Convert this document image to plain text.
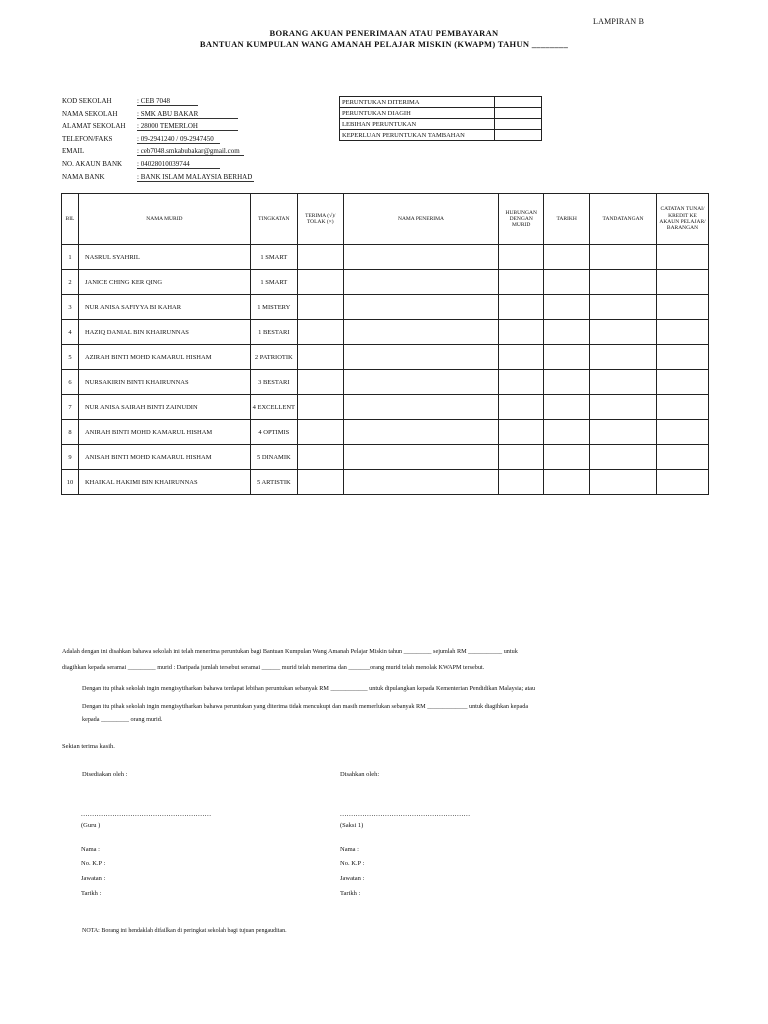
LAMPIRAN B
BORANG AKUAN PENERIMAAN ATAU PEMBAYARAN
BANTUAN KUMPULAN WANG AMANAH PELAJAR MISKIN (KWAPM) TAHUN ________
KOD SEKOLAH	: CEB 7048
NAMA SEKOLAH	: SMK ABU BAKAR
ALAMAT SEKOLAH : 28000 TEMERLOH
TELEFON/FAKS	: 09-2941240 / 09-2947450
EMAIL	: ceb7048.smkabubakar@gmail.com
NO. AKAUN BANK : 04028010039744
NAMA BANK	: BANK ISLAM MALAYSIA BERHAD
PERUNTUKAN DITERIMA	
PERUNTUKAN DIAGIH	
LEBIHAN PERUNTUKAN	
KEPERLUAN PERUNTUKAN TAMBAHAN	
BIL	NAMA MURID	TINGKATAN	TERIMA (√)/ TOLAK (×)	NAMA PENERIMA	HUBUNGAN DENGAN MURID	TARIKH	TANDATANGAN	CATATAN TUNAI/ KREDIT KE AKAUN PELAJAR/ BARANGAN
1	NASRUL SYAHRIL	1 SMART						
2	JANICE CHING KER QING	1 SMART						
3	NUR ANISA SAFIYYA BI KAHAR	1 MISTERY						
4	HAZIQ DANIAL BIN KHAIRUNNAS	1 BESTARI						
5	AZIRAH BINTI MOHD KAMARUL HISHAM	2 PATRIOTIK						
6	NURSAKIRIN BINTI KHAIRUNNAS	3 BESTARI						
7	NUR ANISA SAIRAH BINTI ZAINUDIN	4 EXCELLENT						
8	ANIRAH BINTI MOHD KAMARUL HISHAM	4 OPTIMIS						
9	ANISAH BINTI MOHD KAMARUL HISHAM	5 DINAMIK						
10	KHAIKAL HAKIMI BIN KHAIRUNNAS	5 ARTISTIK						
Adalah dengan ini disahkan bahawa sekolah ini telah menerima peruntukan bagi Bantuan Kumpulan Wang Amanah Pelajar Miskin tahun _________ sejumlah RM ___________ untuk
diagihkan kepada seramai _________ murid : Daripada jumlah tersebut seramai ______ murid telah menerima dan _______orang murid telah menolak KWAPM tersebut.
Dengan itu pihak sekolah ingin mengisytiharkan bahawa terdapat lebihan peruntukan sebanyak RM ____________ untuk dipulangkan kepada Kementerian Pendidikan Malaysia; atau
Dengan itu pihak sekolah ingin mengisytiharkan bahawa peruntukan yang diterima tidak mencukupi dan masih memerlukan sebanyak RM _____________ untuk diagihkan kepada
kepada _________ orang murid.
Sekian terima kasih.
Disediakan oleh :
..........................................................
(Guru )
Nama :
No. K.P :
Jawatan :
Tarikh :
Disahkan oleh:
..........................................................
(Saksi 1)
Nama :
No. K.P :
Jawatan :
Tarikh :
NOTA: Borang ini hendaklah difailkan di peringkat sekolah bagi tujuan pengauditan.
